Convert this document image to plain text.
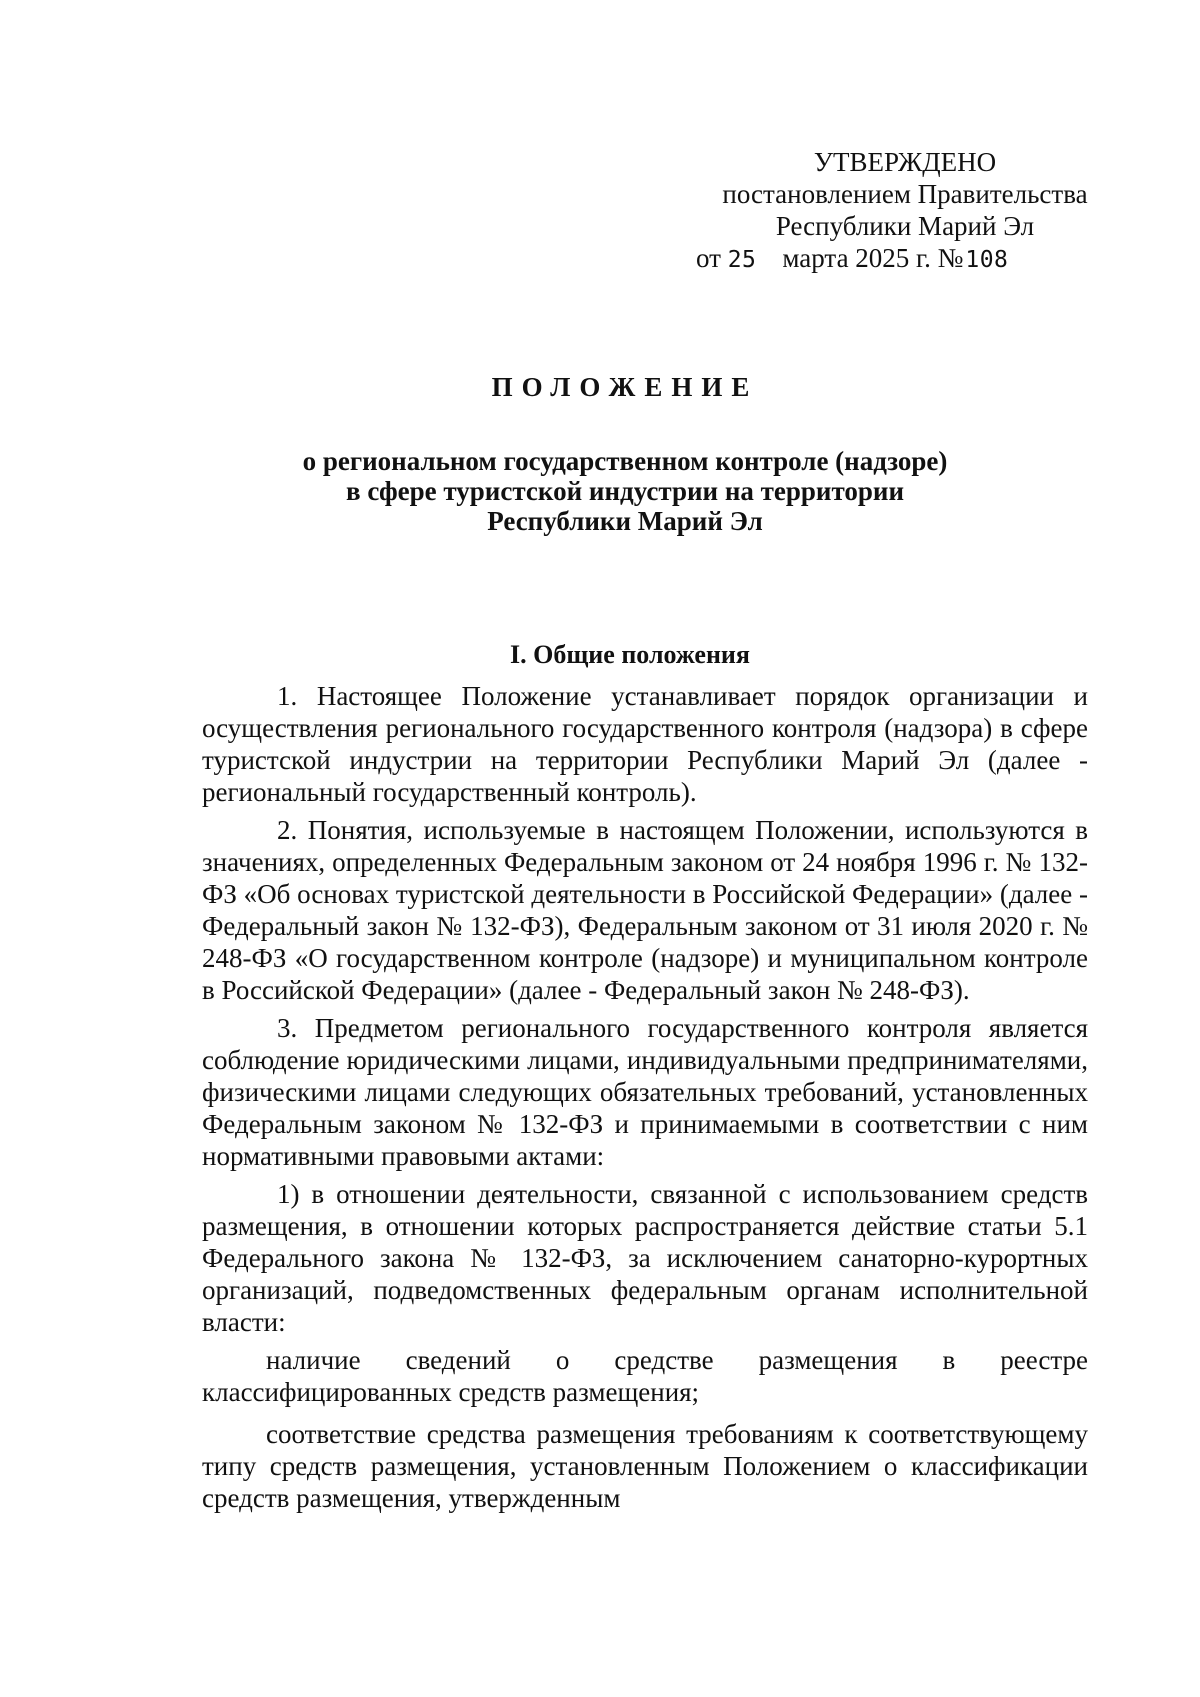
УТВЕРЖДЕНО
постановлением Правительства
Республики Марий Эл
от 25 марта 2025 г. №108
ПОЛОЖЕНИЕ
о региональном государственном контроле (надзоре)
в сфере туристской индустрии на территории
Республики Марий Эл
I. Общие положения

1. Настоящее Положение устанавливает порядок организации и осуществления регионального государственного контроля (надзора) в сфере туристской индустрии на территории Республики Марий Эл (далее - региональный государственный контроль).

2. Понятия, используемые в настоящем Положении, используются в значениях, определенных Федеральным законом от 24 ноября 1996 г. № 132-ФЗ «Об основах туристской деятельности в Российской Федерации» (далее - Федеральный закон № 132-ФЗ), Федеральным законом от 31 июля 2020 г. № 248-ФЗ «О государственном контроле (надзоре) и муниципальном контроле в Российской Федерации» (далее - Федеральный закон № 248-ФЗ).

3. Предметом регионального государственного контроля является соблюдение юридическими лицами, индивидуальными предпринимателями, физическими лицами следующих обязательных требований, установленных Федеральным законом № 132-ФЗ и принимаемыми в соответствии с ним нормативными правовыми актами:

1) в отношении деятельности, связанной с использованием средств размещения, в отношении которых распространяется действие статьи 5.1 Федерального закона № 132-ФЗ, за исключением санаторно-курортных организаций, подведомственных федеральным органам исполнительной власти:

наличие сведений о средстве размещения в реестре классифицированных средств размещения;

соответствие средства размещения требованиям к соответствующему типу средств размещения, установленным Положением о классификации средств размещения, утвержденным
